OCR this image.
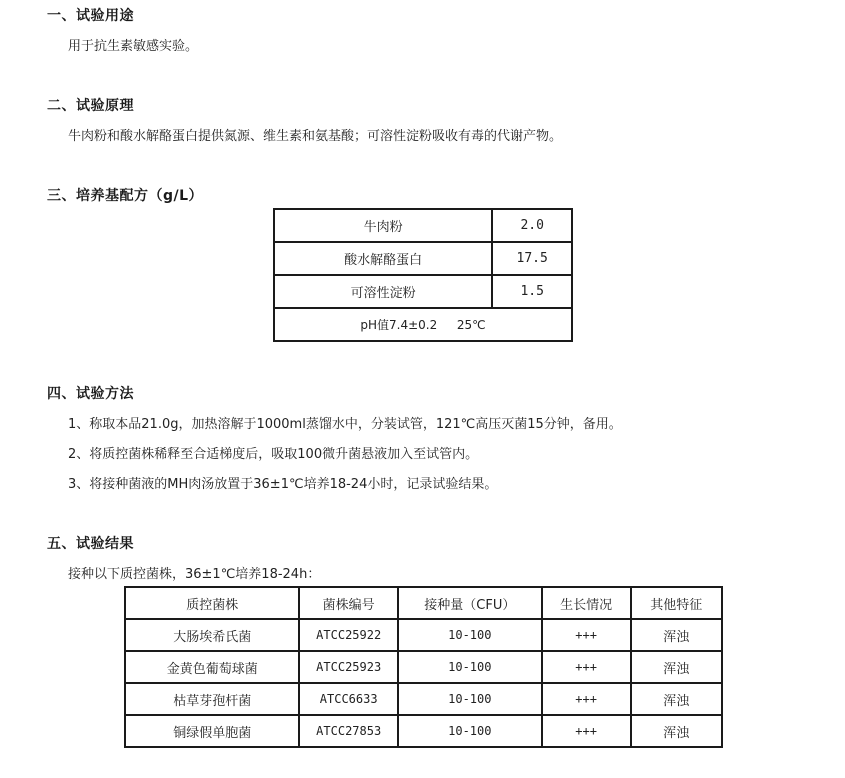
一、试验用途
用于抗生素敏感实验。
二、试验原理
牛肉粉和酸水解酪蛋白提供氮源、维生素和氨基酸；可溶性淀粉吸收有毒的代谢产物。
三、培养基配方（g/L）
牛肉粉	2.0
酸水解酪蛋白	17.5
可溶性淀粉	1.5
pH值7.4±0.2　  25℃	
四、试验方法
1、称取本品21.0g，加热溶解于1000ml蒸馏水中，分装试管，121℃高压灭菌15分钟，备用。
2、将质控菌株稀释至合适梯度后，吸取100微升菌悬液加入至试管内。
3、将接种菌液的MH肉汤放置于36±1℃培养18-24小时，记录试验结果。
五、试验结果
接种以下质控菌株，36±1℃培养18-24h：
质控菌株	菌株编号	接种量（CFU）	生长情况	其他特征
大肠埃希氏菌	ATCC25922	10-100	+++	浑浊
金黄色葡萄球菌	ATCC25923	10-100	+++	浑浊
枯草芽孢杆菌	ATCC6633	10-100	+++	浑浊
铜绿假单胞菌	ATCC27853	10-100	+++	浑浊
